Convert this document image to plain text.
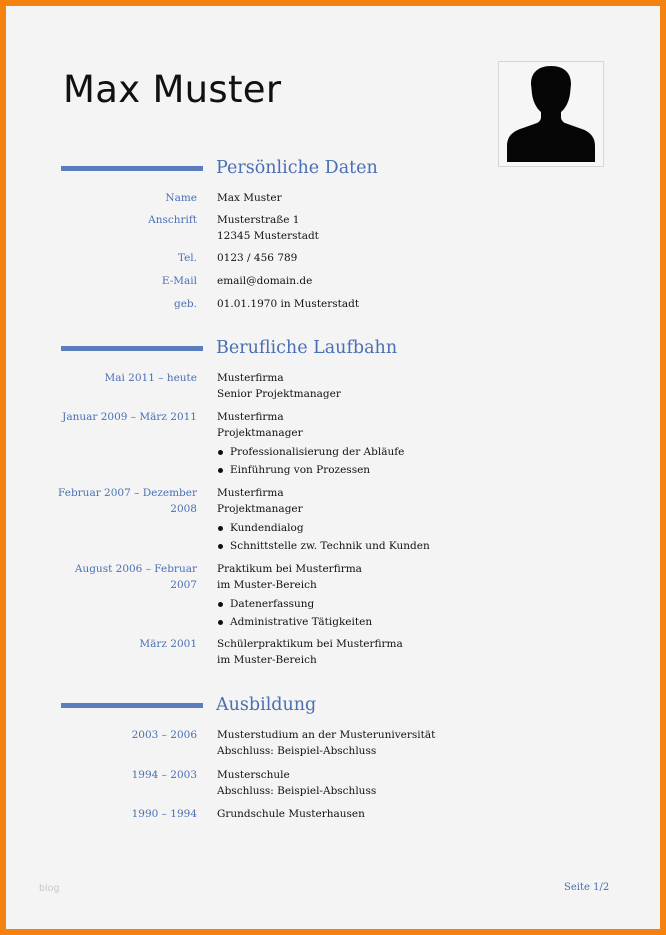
Max Muster
Persönliche Daten
Name Max Muster
Anschrift Musterstraße 1
12345 Musterstadt
Tel. 0123 / 456 789
E-Mail email@domain.de
geb. 01.01.1970 in Musterstadt
Berufliche Laufbahn
Mai 2011 – heute Musterfirma
Senior Projektmanager
Januar 2009 – März 2011 Musterfirma
Projektmanager
Professionalisierung der Abläufe
Einführung von Prozessen
Februar 2007 – Dezember 2008
Musterfirma
Projektmanager
Kundendialog
Schnittstelle zw. Technik und Kunden
August 2006 – Februar 2007
Praktikum bei Musterfirma
im Muster-Bereich
Datenerfassung
Administrative Tätigkeiten
März 2001 Schülerpraktikum bei Musterfirma
im Muster-Bereich
Ausbildung
2003 – 2006 Musterstudium an der Musteruniversität
Abschluss: Beispiel-Abschluss
1994 – 2003 Musterschule
Abschluss: Beispiel-Abschluss
1990 – 1994 Grundschule Musterhausen
blog	Seite 1/2
